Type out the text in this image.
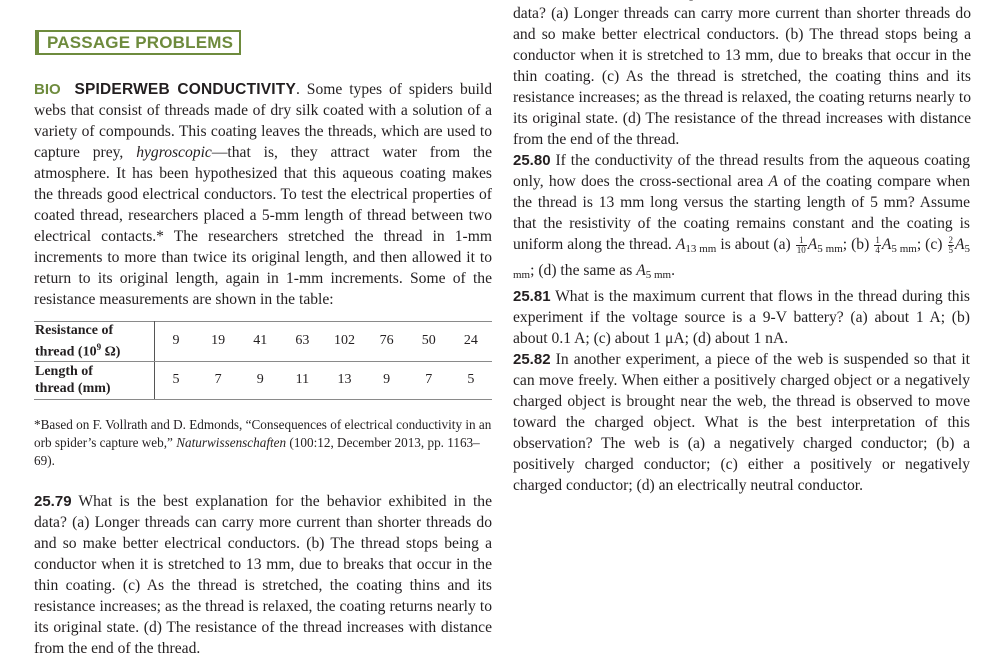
PASSAGE PROBLEMS

BIO SPIDERWEB CONDUCTIVITY. Some types of spiders build webs that consist of threads made of dry silk coated with a solution of a variety of compounds. This coating leaves the threads, which are used to capture prey, hygroscopic—that is, they attract water from the atmosphere. It has been hypothesized that this aqueous coating makes the threads good electrical conductors. To test the electrical properties of coated thread, researchers placed a 5-mm length of thread between two electrical contacts.* The researchers stretched the thread in 1-mm increments to more than twice its original length, and then allowed it to return to its original length, again in 1-mm increments. Some of the resistance measurements are shown in the table:

Resistance of
thread ($10^9$ Ω)	9	19	41	63	102	76	50	24
Length of
thread (mm)	5	7	9	11	13	9	7	5

*Based on F. Vollrath and D. Edmonds, “Consequences of electrical conductivity in an orb spider’s capture web,” Naturwissenschaften (100:12, December 2013, pp. 1163–69).

25.79 What is the best explanation for the behavior exhibited in the data? (a) Longer threads can carry more current than shorter threads do and so make better electrical conductors. (b) The thread stops being a conductor when it is stretched to 13 mm, due to breaks that occur in the thin coating. (c) As the thread is stretched, the coating thins and its resistance increases; as the thread is relaxed, the coating returns nearly to its original state. (d) The resistance of the thread increases with distance from the end of the thread.

25.80 If the conductivity of the thread results from the aqueous coating only, how does the cross-sectional area A of the coating compare when the thread is 13 mm long versus the starting length of 5 mm? Assume that the resistivity of the coating remains constant and the coating is uniform along the thread. $A_{13 mm}$ is about $(a) \frac{1}{10} A_{5 mm}$; $(b) \frac{1}{4} A_{5 mm}$; $(c) \frac{2}{5} A_{5 mm}$; (d) the same as $A_{5 mm}$.

25.81 What is the maximum current that flows in the thread during this experiment if the voltage source is a 9-V battery? (a) about 1 A; (b) about 0.1 A; (c) about 1 μA; (d) about 1 nA.

25.82 In another experiment, a piece of the web is suspended so that it can move freely. When either a positively charged object or a negatively charged object is brought near the web, the thread is observed to move toward the charged object. What is the best interpretation of this observation? The web is (a) a negatively charged conductor; (b) a positively charged conductor; (c) either a positively or negatively charged conductor; (d) an electrically neutral conductor.

data? (a) Longer threads can carry more current than shorter threads do and so make better electrical conductors. (b) The thread stops being a conductor when it is stretched to 13 mm, due to breaks that occur in the thin coating. (c) As the thread is stretched, the coating thins and its resistance increases; as the thread is relaxed, the coating returns nearly to its original state. (d) The resistance of the thread increases with distance from the end of the thread.
